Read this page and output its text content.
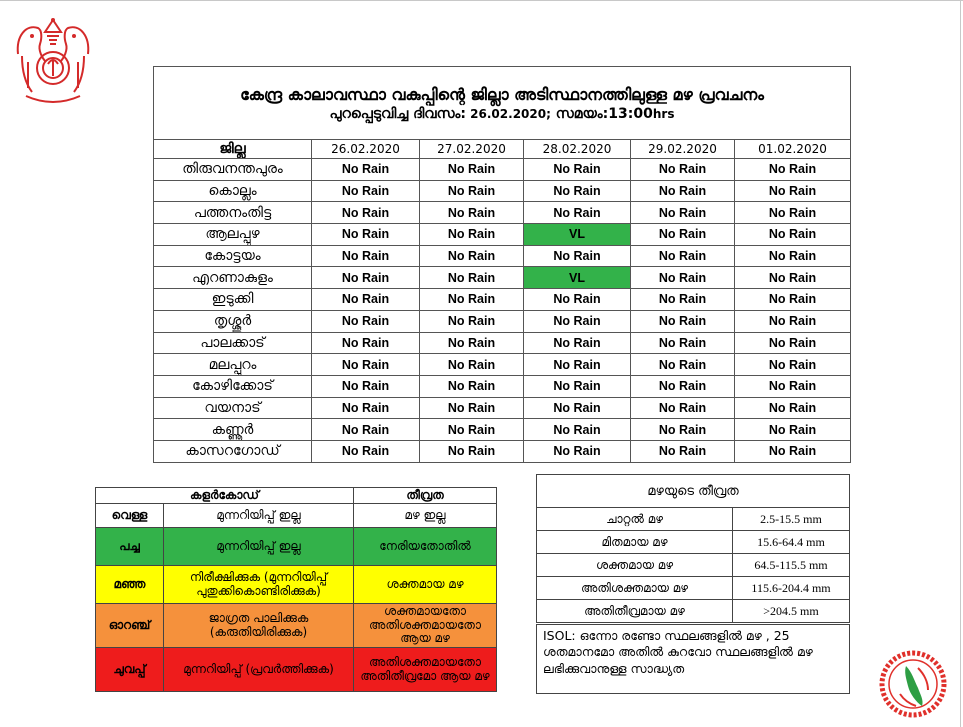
കേന്ദ്ര കാലാവസ്ഥാ വകുപ്പിന്റെ ജില്ലാ അടിസ്ഥാനത്തിലുള്ള മഴ പ്രവചനം
പുറപ്പെടുവിച്ച ദിവസം: 26.02.2020; സമയം:13:00hrs					

ജില്ല	26.02.2020	27.02.2020	28.02.2020	29.02.2020	01.02.2020
തിരുവനന്തപുരം	No Rain	No Rain	No Rain	No Rain	No Rain
കൊല്ലം	No Rain	No Rain	No Rain	No Rain	No Rain
പത്തനംതിട്ട	No Rain	No Rain	No Rain	No Rain	No Rain
ആലപ്പുഴ	No Rain	No Rain	VL	No Rain	No Rain
കോട്ടയം	No Rain	No Rain	No Rain	No Rain	No Rain
എറണാകുളം	No Rain	No Rain	VL	No Rain	No Rain
ഇടുക്കി	No Rain	No Rain	No Rain	No Rain	No Rain
തൃശ്ശൂർ	No Rain	No Rain	No Rain	No Rain	No Rain
പാലക്കാട്	No Rain	No Rain	No Rain	No Rain	No Rain
മലപ്പുറം	No Rain	No Rain	No Rain	No Rain	No Rain
കോഴിക്കോട്	No Rain	No Rain	No Rain	No Rain	No Rain
വയനാട്	No Rain	No Rain	No Rain	No Rain	No Rain
കണ്ണൂർ	No Rain	No Rain	No Rain	No Rain	No Rain
കാസറഗോഡ്	No Rain	No Rain	No Rain	No Rain	No Rain
കളർകോഡ്		തീവ്രത
വെള്ള	മുന്നറിയിപ്പ് ഇല്ല	മഴ ഇല്ല
പച്ച	മുന്നറിയിപ്പ് ഇല്ല	നേരിയതോതിൽ
മഞ്ഞ	നിരീക്ഷിക്കുക (മുന്നറിയിപ്പ് പുതുക്കികൊണ്ടിരിക്കുക)	ശക്തമായ മഴ
ഓറഞ്ച്	ജാഗ്രത പാലിക്കുക (കരുതിയിരിക്കുക)	ശക്തമായതോ അതിശക്തമായതോ ആയ മഴ
ചുവപ്പ്	മുന്നറിയിപ്പ് (പ്രവർത്തിക്കുക)	അതിശക്തമായതോ അതിതീവ്രമോ ആയ മഴ
മഴയുടെ തീവ്രത	
ചാറ്റൽ മഴ	2.5-15.5 mm
മിതമായ മഴ	15.6-64.4 mm
ശക്തമായ മഴ	64.5-115.5 mm
അതിശക്തമായ മഴ	115.6-204.4 mm
അതിതീവ്രമായ മഴ	>204.5 mm
ISOL: ഒന്നോ രണ്ടോ സ്ഥലങ്ങളിൽ മഴ , 25 ശതമാനമോ അതിൽ കുറവോ സ്ഥലങ്ങളിൽ മഴ ലഭിക്കുവാനുള്ള സാദ്ധ്യത
